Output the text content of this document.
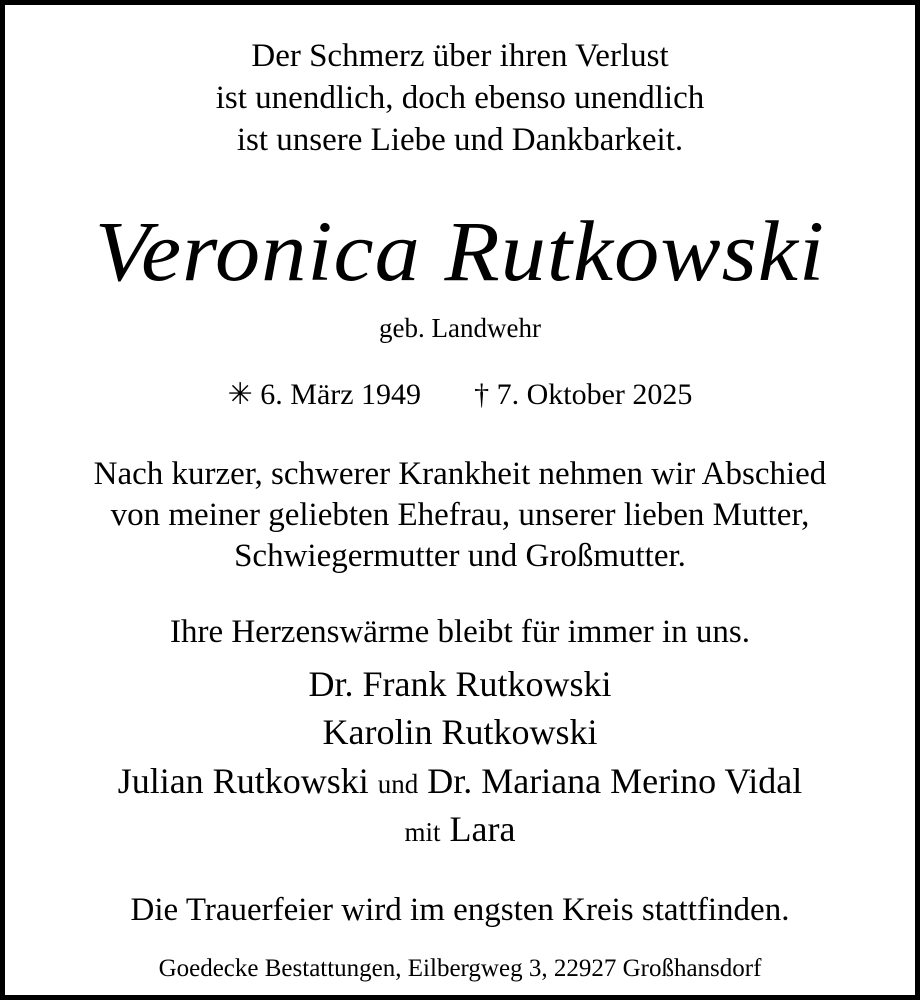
Der Schmerz über ihren Verlust
ist unendlich, doch ebenso unendlich
ist unsere Liebe und Dankbarkeit.
Veronica Rutkowski
geb. Landwehr
✳ 6. März 1949 † 7. Oktober 2025
Nach kurzer, schwerer Krankheit nehmen wir Abschied
von meiner geliebten Ehefrau, unserer lieben Mutter,
Schwiegermutter und Großmutter.
Ihre Herzenswärme bleibt für immer in uns.
Dr. Frank Rutkowski
Karolin Rutkowski
Julian Rutkowski und Dr. Mariana Merino Vidal
mit Lara
Die Trauerfeier wird im engsten Kreis stattfinden.
Goedecke Bestattungen, Eilbergweg 3, 22927 Großhansdorf
